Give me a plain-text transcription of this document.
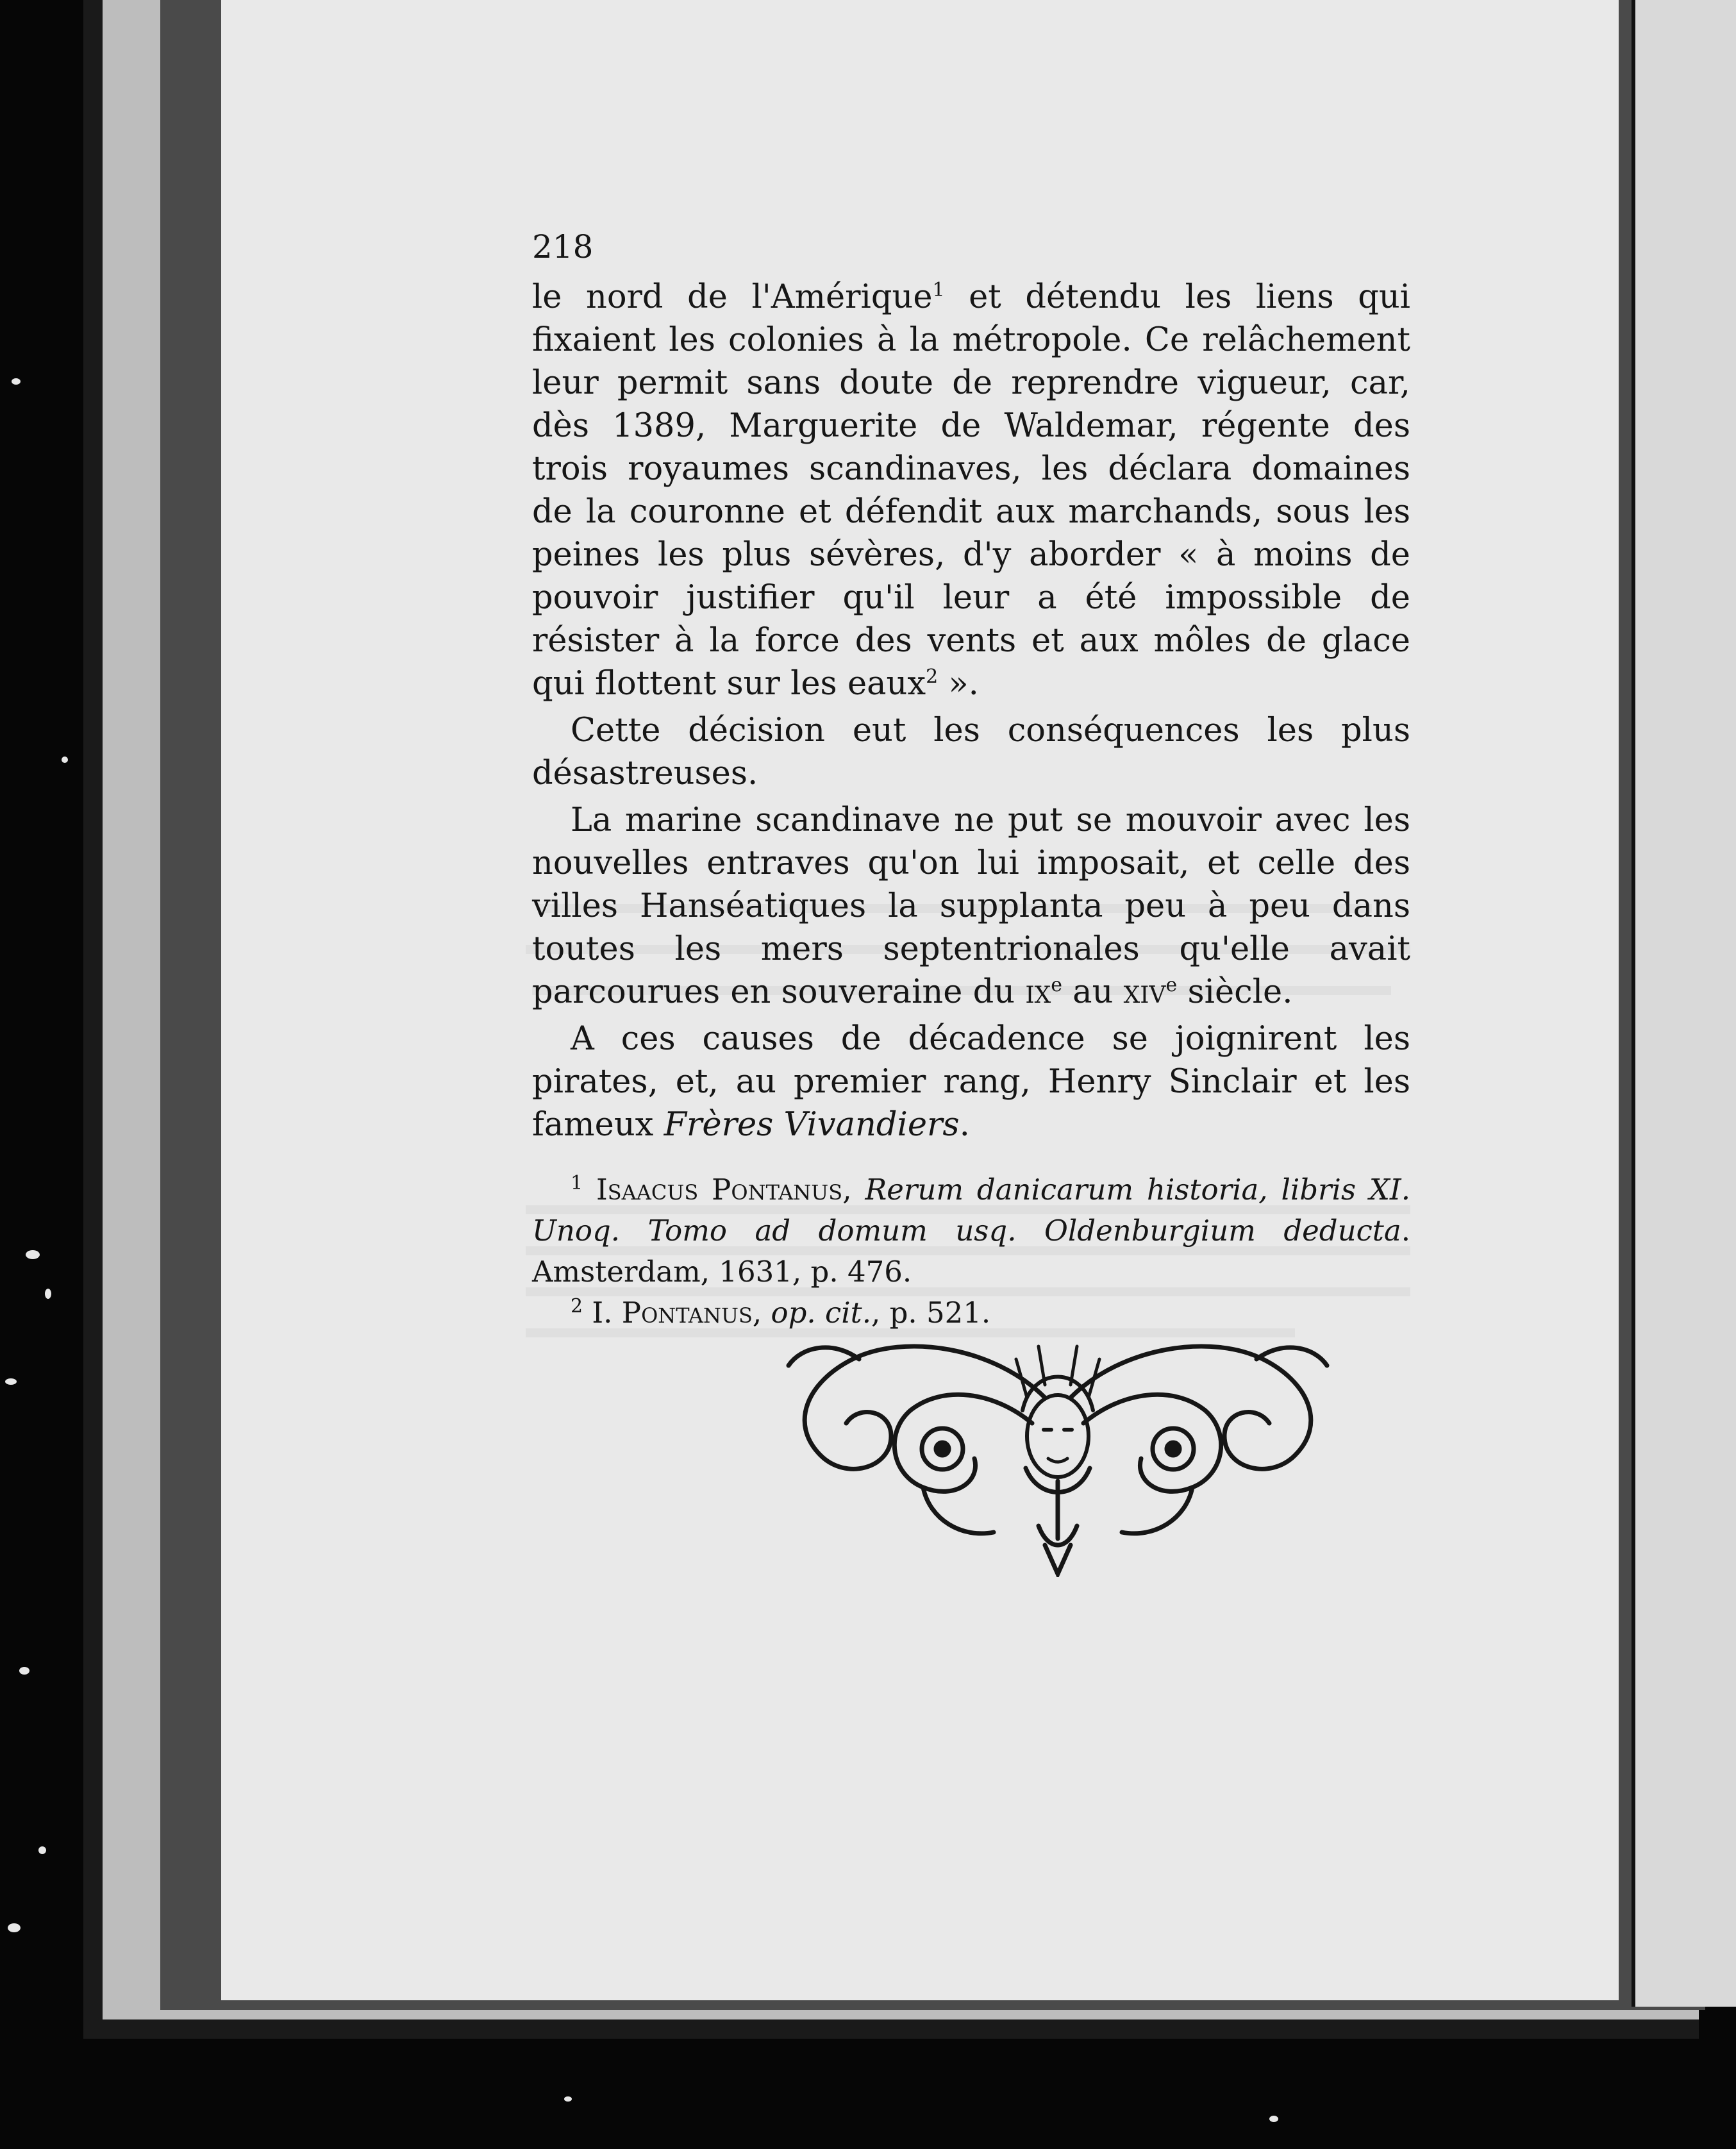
218

le nord de l'Amérique$^1$ et détendu les liens qui fixaient les colonies à la métropole. Ce relâchement leur permit sans doute de reprendre vigueur, car, dès 1389, Marguerite de Waldemar, régente des trois royaumes scandinaves, les déclara domaines de la couronne et défendit aux marchands, sous les peines les plus sévères, d'y aborder « à moins de pouvoir justifier qu'il leur a été impossible de résister à la force des vents et aux môles de glace qui flottent sur les eaux$^2$ ».

Cette décision eut les conséquences les plus désastreuses.

La marine scandinave ne put se mouvoir avec les nouvelles entraves qu'on lui imposait, et celle des villes Hanséatiques la supplanta peu à peu dans toutes les mers septentrionales qu'elle avait parcourues en souveraine du $ix^e$ au xiv$^e$ siècle.

A ces causes de décadence se joignirent les pirates, et, au premier rang, Henry Sinclair et les fameux Frères Vivandiers.

$^1$ Isaacus Pontanus, Rerum danicarum historia, libris XI. Unoq. Tomo ad domum usq. Oldenburgium deducta. Amsterdam, 1631, p. 476.

$^2$ I. Pontanus, op. cit., p. 521.
